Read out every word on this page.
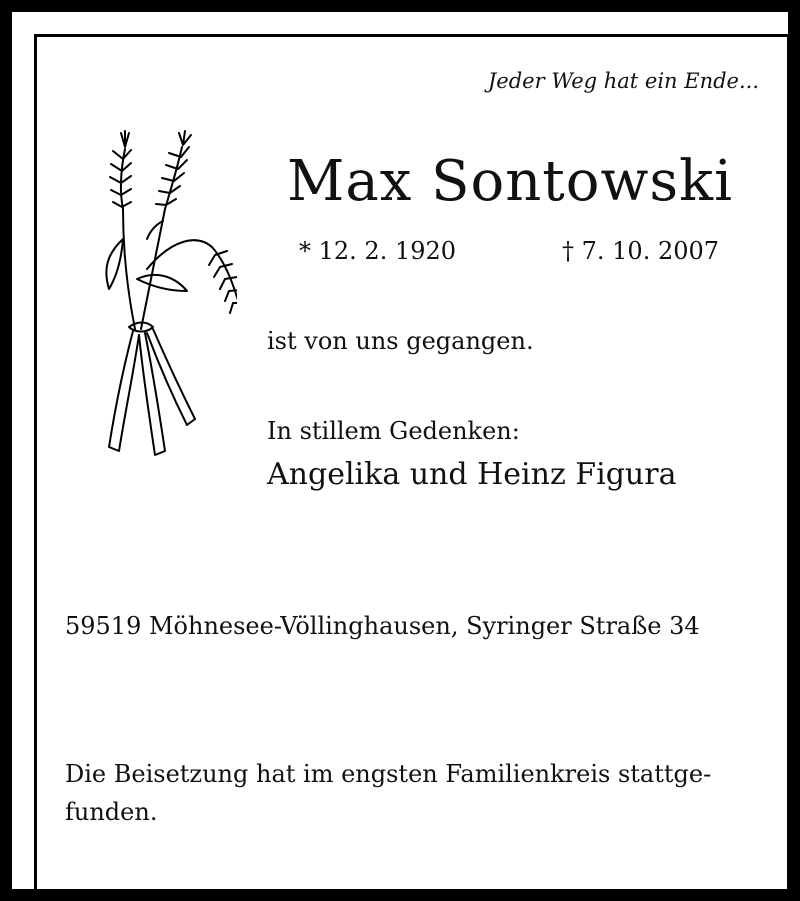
Jeder Weg hat ein Ende...
Max Sontowski
* 12. 2. 1920	† 7. 10. 2007
ist von uns gegangen.
In stillem Gedenken:
Angelika und Heinz Figura
59519 Möhnesee-Völlinghausen, Syringer Straße 34
Die Beisetzung hat im engsten Familienkreis stattge-
funden.
